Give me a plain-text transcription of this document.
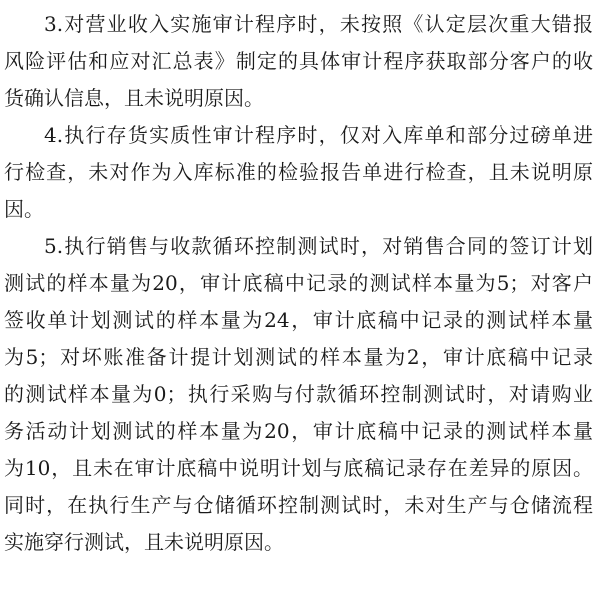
3.对营业收入实施审计程序时，未按照《认定层次重大错报
风险评估和应对汇总表》制定的具体审计程序获取部分客户的收
货确认信息，且未说明原因。
4.执行存货实质性审计程序时，仅对入库单和部分过磅单进
行检查，未对作为入库标准的检验报告单进行检查，且未说明原
因。
5.执行销售与收款循环控制测试时，对销售合同的签订计划
测试的样本量为20，审计底稿中记录的测试样本量为5；对客户
签收单计划测试的样本量为24，审计底稿中记录的测试样本量
为5；对坏账准备计提计划测试的样本量为2，审计底稿中记录
的测试样本量为0；执行采购与付款循环控制测试时，对请购业
务活动计划测试的样本量为20，审计底稿中记录的测试样本量
为10，且未在审计底稿中说明计划与底稿记录存在差异的原因。
同时，在执行生产与仓储循环控制测试时，未对生产与仓储流程
实施穿行测试，且未说明原因。
